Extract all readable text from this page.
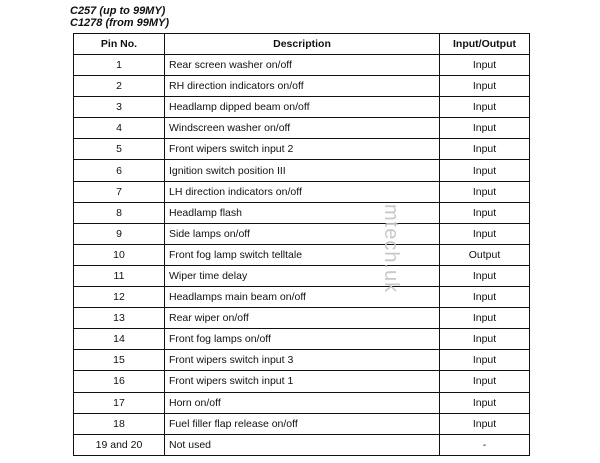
C257 (up to 99MY)
C1278 (from 99MY)
Pin No.	Description	Input/Output
1	Rear screen washer on/off	Input
2	RH direction indicators on/off	Input
3	Headlamp dipped beam on/off	Input
4	Windscreen washer on/off	Input
5	Front wipers switch input 2	Input
6	Ignition switch position III	Input
7	LH direction indicators on/off	Input
8	Headlamp flash	Input
9	Side lamps on/off	Input
10	Front fog lamp switch telltale	Output
11	Wiper time delay	Input
12	Headlamps main beam on/off	Input
13	Rear wiper on/off	Input
14	Front fog lamps on/off	Input
15	Front wipers switch input 3	Input
16	Front wipers switch input 1	Input
17	Horn on/off	Input
18	Fuel filler flap release on/off	Input
19 and 20	Not used	-
mtech.uk
